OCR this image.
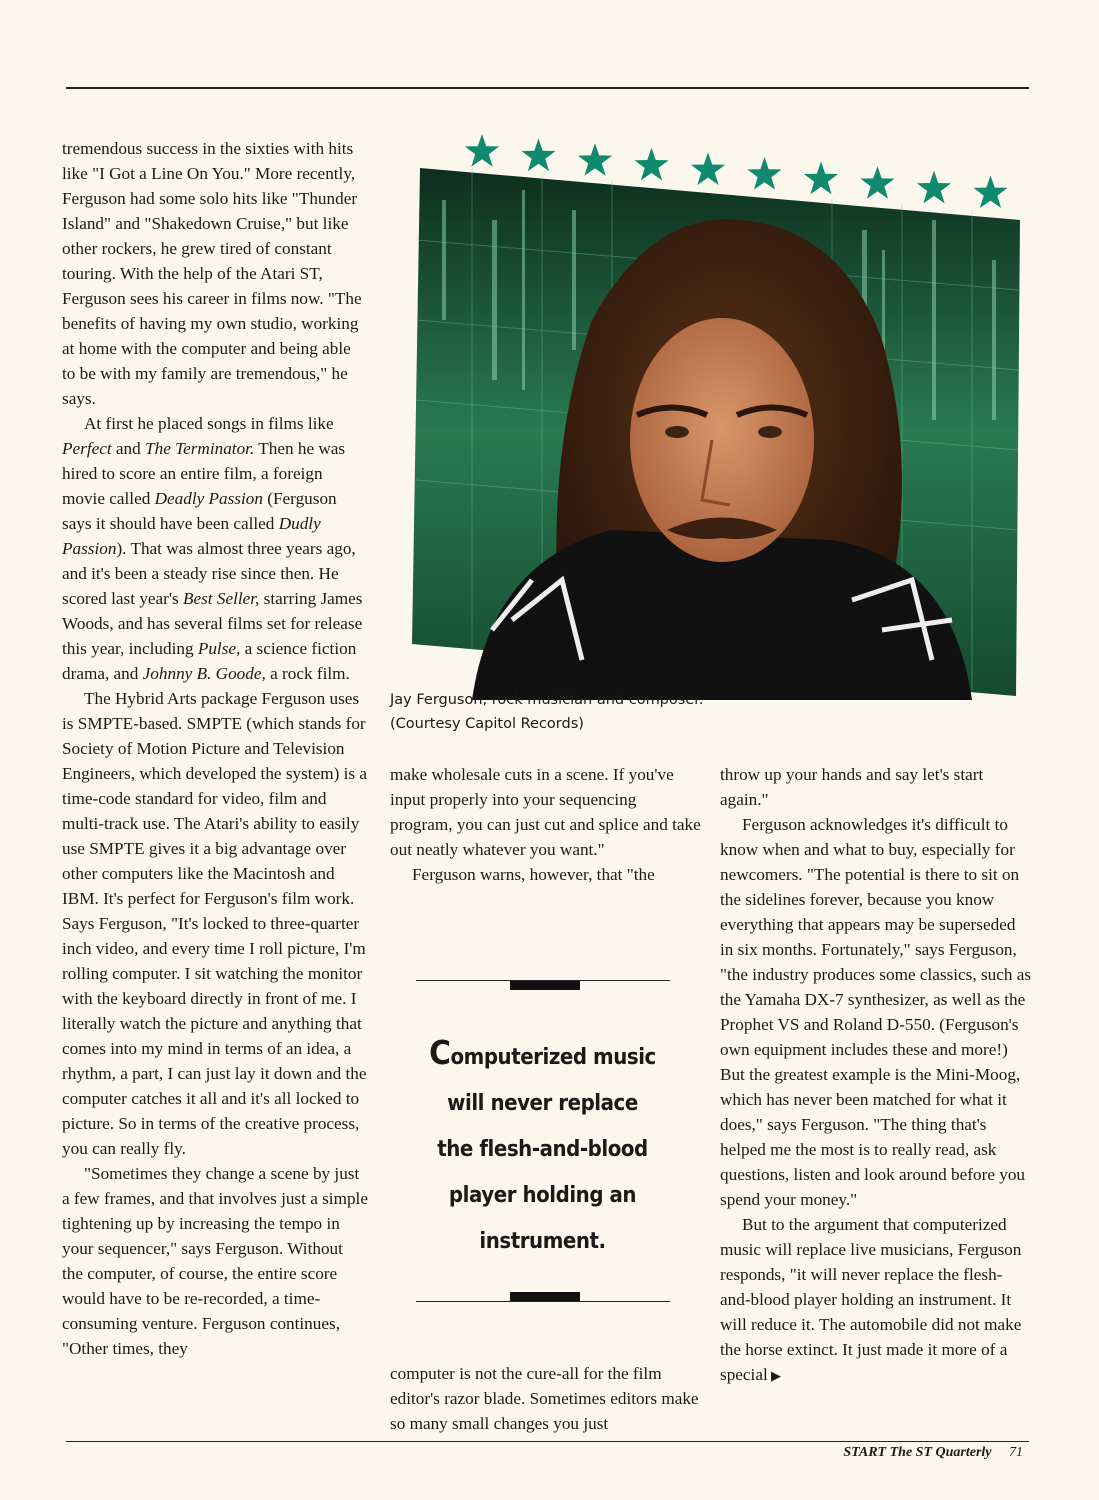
tremendous success in the sixties with hits like "I Got a Line On You." More recently, Ferguson had some solo hits like "Thunder Island" and "Shakedown Cruise," but like other rockers, he grew tired of constant touring. With the help of the Atari ST, Ferguson sees his career in films now. "The benefits of having my own studio, working at home with the computer and being able to be with my family are tremendous," he says.

At first he placed songs in films like Perfect and The Terminator. Then he was hired to score an entire film, a foreign movie called Deadly Passion (Ferguson says it should have been called Dudly Passion). That was almost three years ago, and it's been a steady rise since then. He scored last year's Best Seller, starring James Woods, and has several films set for release this year, including Pulse, a science fiction drama, and Johnny B. Goode, a rock film.

The Hybrid Arts package Ferguson uses is SMPTE-based. SMPTE (which stands for Society of Motion Picture and Television Engineers, which developed the system) is a time-code standard for video, film and multi-track use. The Atari's ability to easily use SMPTE gives it a big advantage over other computers like the Macintosh and IBM. It's perfect for Ferguson's film work. Says Ferguson, "It's locked to three-quarter inch video, and every time I roll picture, I'm rolling computer. I sit watching the monitor with the keyboard directly in front of me. I literally watch the picture and anything that comes into my mind in terms of an idea, a rhythm, a part, I can just lay it down and the computer catches it all and it's all locked to picture. So in terms of the creative process, you can really fly.

"Sometimes they change a scene by just a few frames, and that involves just a simple tightening up by increasing the tempo in your sequencer," says Ferguson. Without the computer, of course, the entire score would have to be re-recorded, a time-consuming venture. Ferguson continues, "Other times, they

Jay Ferguson, rock musician and composer.
(Courtesy Capitol Records)

make wholesale cuts in a scene. If you've input properly into your sequencing program, you can just cut and splice and take out neatly whatever you want."

Ferguson warns, however, that "the

Computerized music
will never replace
the flesh-and-blood
player holding an
instrument.

computer is not the cure-all for the film editor's razor blade. Sometimes editors make so many small changes you just

throw up your hands and say let's start again."

Ferguson acknowledges it's difficult to know when and what to buy, especially for newcomers. "The potential is there to sit on the sidelines forever, because you know everything that appears may be superseded in six months. Fortunately," says Ferguson, "the industry produces some classics, such as the Yamaha DX-7 synthesizer, as well as the Prophet VS and Roland D-550. (Ferguson's own equipment includes these and more!) But the greatest example is the Mini-Moog, which has never been matched for what it does," says Ferguson. "The thing that's helped me the most is to really read, ask questions, listen and look around before you spend your money."

But to the argument that computerized music will replace live musicians, Ferguson responds, "it will never replace the flesh-and-blood player holding an instrument. It will reduce it. The automobile did not make the horse extinct. It just made it more of a special ▶

START The ST Quarterly 71
